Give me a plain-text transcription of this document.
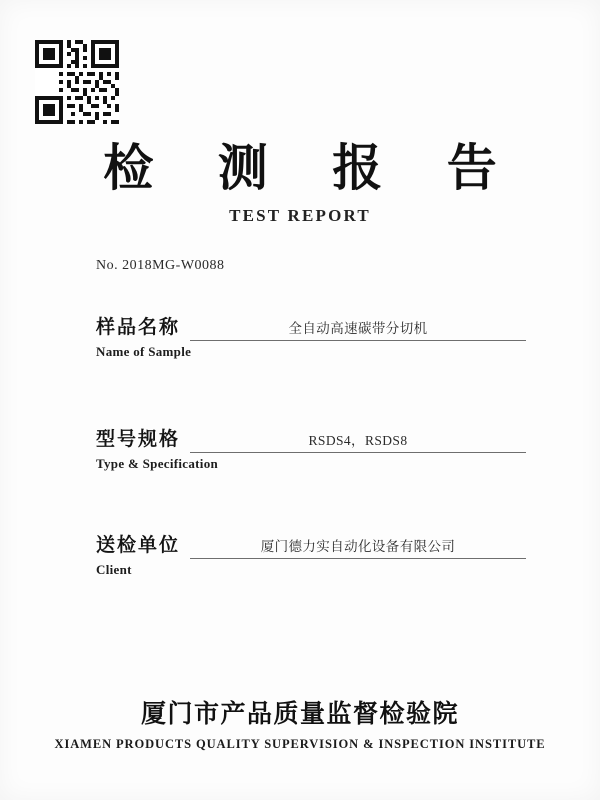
检 测 报 告
TEST REPORT
No. 2018MG-W0088
样品名称	全自动高速碳带分切机
Name of Sample
型号规格	RSDS4，RSDS8
Type & Specification
送检单位	厦门德力实自动化设备有限公司
Client
厦门市产品质量监督检验院
XIAMEN PRODUCTS QUALITY SUPERVISION & INSPECTION INSTITUTE
